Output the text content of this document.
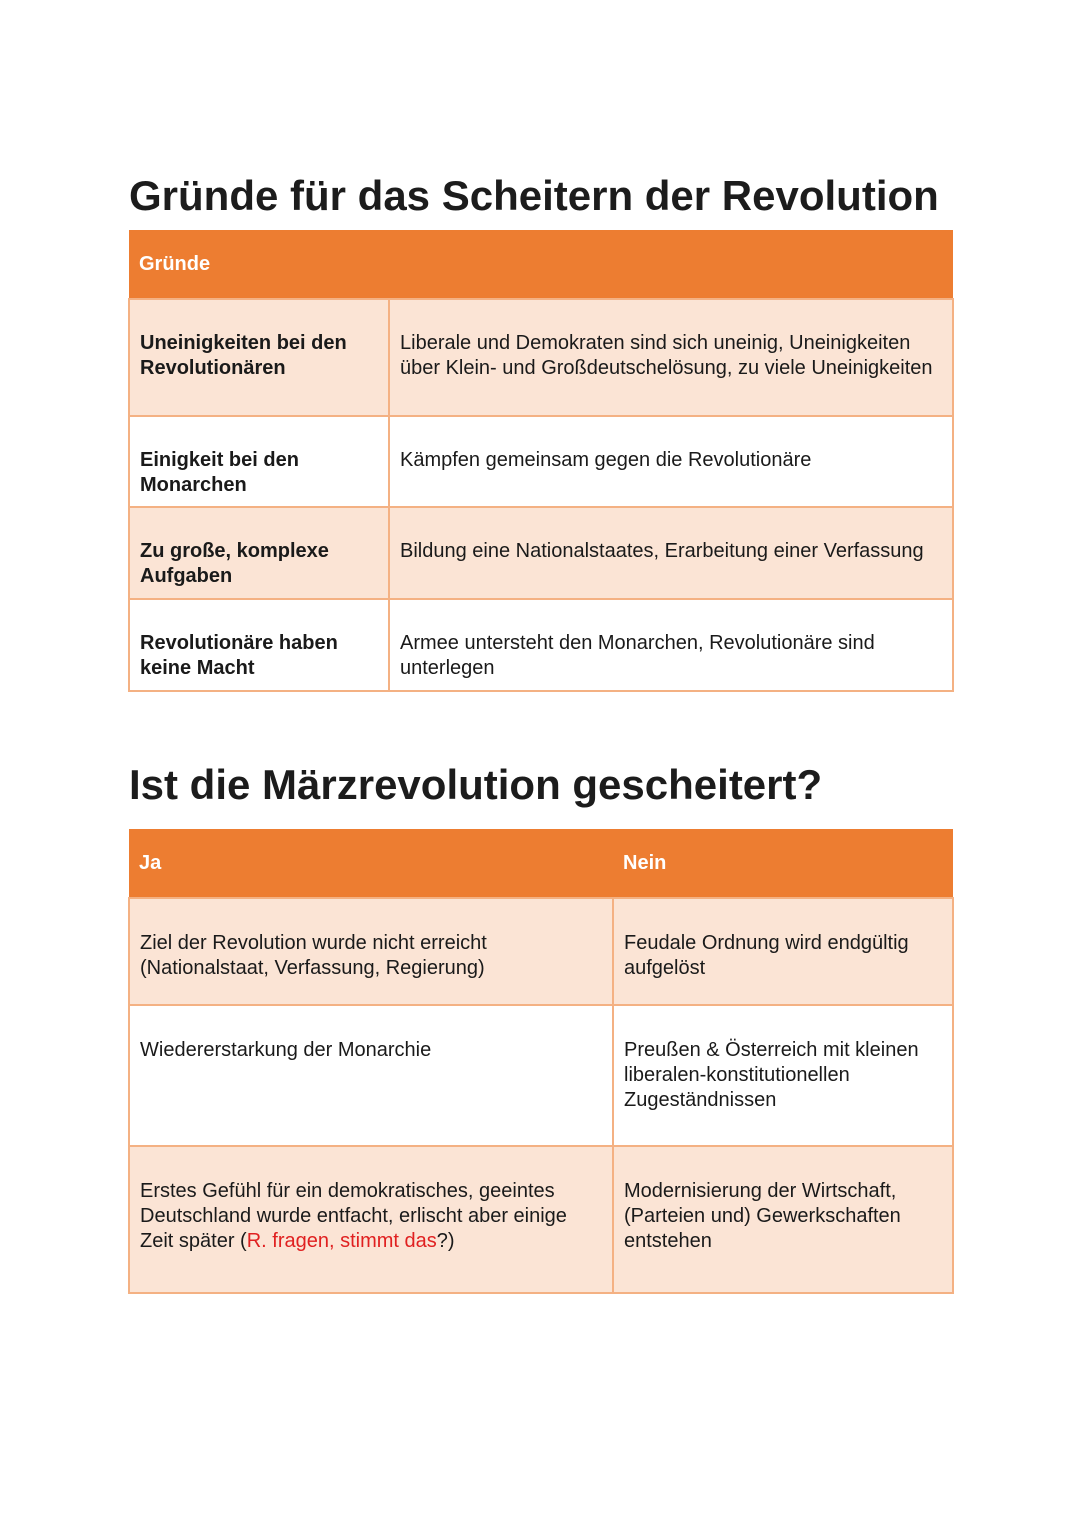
Gründe für das Scheitern der Revolution
Gründe	
Uneinigkeiten bei den Revolutionären	Liberale und Demokraten sind sich uneinig, Uneinigkeiten über Klein- und Großdeutschelösung, zu viele Uneinigkeiten
Einigkeit bei den Monarchen	Kämpfen gemeinsam gegen die Revolutionäre
Zu große, komplexe Aufgaben	Bildung eine Nationalstaates, Erarbeitung einer Verfassung
Revolutionäre haben keine Macht	Armee untersteht den Monarchen, Revolutionäre sind unterlegen
Ist die Märzrevolution gescheitert?
Ja	Nein
Ziel der Revolution wurde nicht erreicht (Nationalstaat, Verfassung, Regierung)	Feudale Ordnung wird endgültig aufgelöst
Wiedererstarkung der Monarchie	Preußen & Österreich mit kleinen liberalen-konstitutionellen Zugeständnissen
Erstes Gefühl für ein demokratisches, geeintes Deutschland wurde entfacht, erlischt aber einige Zeit später (R. fragen, stimmt das?)	Modernisierung der Wirtschaft, (Parteien und) Gewerkschaften entstehen
